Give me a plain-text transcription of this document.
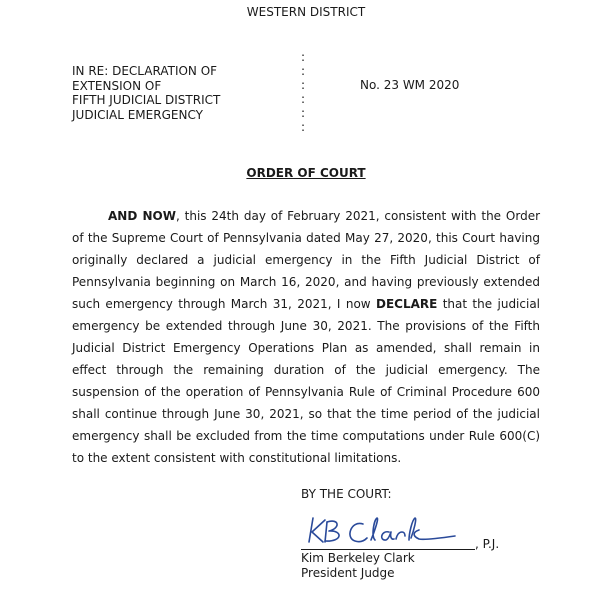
WESTERN DISTRICT
IN RE: DECLARATION OF
EXTENSION OF
FIFTH JUDICIAL DISTRICT
JUDICIAL EMERGENCY
:
:
:
:
:
:
No. 23 WM 2020
ORDER OF COURT

AND NOW, this 24th day of February 2021, consistent with the Order of the Supreme Court of Pennsylvania dated May 27, 2020, this Court having originally declared a judicial emergency in the Fifth Judicial District of Pennsylvania beginning on March 16, 2020, and having previously extended such emergency through March 31, 2021, I now DECLARE that the judicial emergency be extended through June 30, 2021. The provisions of the Fifth Judicial District Emergency Operations Plan as amended, shall remain in effect through the remaining duration of the judicial emergency. The suspension of the operation of Pennsylvania Rule of Criminal Procedure 600 shall continue through June 30, 2021, so that the time period of the judicial emergency shall be excluded from the time computations under Rule 600(C) to the extent consistent with constitutional limitations.

BY THE COURT:
, P.J.
Kim Berkeley Clark
President Judge
